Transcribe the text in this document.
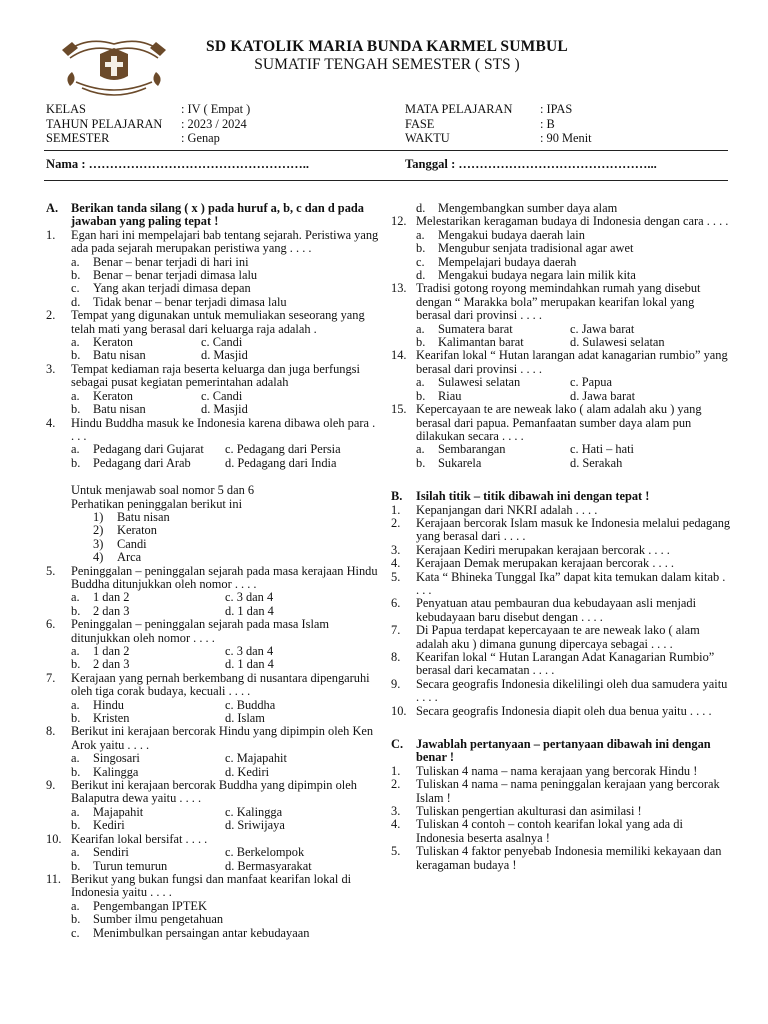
SD KATOLIK MARIA BUNDA KARMEL SUMBUL
SUMATIF TENGAH SEMESTER ( STS )
KELAS	: IV ( Empat )
TAHUN PELAJARAN	: 2023 / 2024
SEMESTER	: Genap
MATA PELAJARAN	: IPAS
FASE	: B
WAKTU	: 90 Menit
Nama : ……………………………………………..	Tanggal : ………………………………………...
A.	Berikan tanda silang ( x ) pada huruf a, b, c dan d pada jawaban yang paling tepat !
1.	Egan hari ini mempelajari bab tentang sejarah. Peristiwa yang ada pada sejarah merupakan peristiwa yang . . . .
a.	Benar – benar terjadi di hari ini
b.	Benar – benar terjadi dimasa lalu
c.	Yang akan terjadi dimasa depan
d.	Tidak benar – benar terjadi dimasa lalu
2.	Tempat yang digunakan untuk memuliakan seseorang yang telah mati yang berasal dari keluarga raja adalah .
a.	Keraton	c. Candi
b.	Batu nisan	d. Masjid
3.	Tempat kediaman raja beserta keluarga dan juga berfungsi sebagai pusat kegiatan pemerintahan adalah
a.	Keraton	c. Candi
b.	Batu nisan	d. Masjid
4.	Hindu Buddha masuk ke Indonesia karena dibawa oleh para . . . .
a.	Pedagang dari Gujarat	c. Pedagang dari Persia
b.	Pedagang dari Arab	d. Pedagang dari India
Untuk menjawab soal nomor 5 dan 6
Perhatikan peninggalan berikut ini
1)	Batu nisan
2)	Keraton
3)	Candi
4)	Arca
5.	Peninggalan – peninggalan sejarah pada masa kerajaan Hindu Buddha ditunjukkan oleh nomor . . . .
a.	1 dan 2	c. 3 dan 4
b.	2 dan 3	d. 1 dan 4
6.	Peninggalan – peninggalan sejarah pada masa Islam ditunjukkan oleh nomor . . . .
a.	1 dan 2	c. 3 dan 4
b.	2 dan 3	d. 1 dan 4
7.	Kerajaan yang pernah berkembang di nusantara dipengaruhi oleh tiga corak budaya, kecuali . . . .
a.	Hindu	c. Buddha
b.	Kristen	d. Islam
8.	Berikut ini kerajaan bercorak Hindu yang dipimpin oleh Ken Arok yaitu . . . .
a.	Singosari	c. Majapahit
b.	Kalingga	d. Kediri
9.	Berikut ini kerajaan bercorak Buddha yang dipimpin oleh Balaputra dewa yaitu . . . .
a.	Majapahit	c. Kalingga
b.	Kediri	d. Sriwijaya
10. Kearifan lokal bersifat . . . .
a.	Sendiri	c. Berkelompok
b.	Turun temurun	d. Bermasyarakat
11. Berikut yang bukan fungsi dan manfaat kearifan lokal di Indonesia yaitu . . . .
a.	Pengembangan IPTEK
b.	Sumber ilmu pengetahuan
c.	Menimbulkan persaingan antar kebudayaan
d.	Mengembangkan sumber daya alam
12. Melestarikan keragaman budaya di Indonesia dengan cara . . . .
a.	Mengakui budaya daerah lain
b.	Mengubur senjata tradisional agar awet
c.	Mempelajari budaya daerah
d.	Mengakui budaya negara lain milik kita
13. Tradisi gotong royong memindahkan rumah yang disebut dengan “ Marakka bola” merupakan kearifan lokal yang berasal dari provinsi . . . .
a.	Sumatera barat	c. Jawa barat
b.	Kalimantan barat	d. Sulawesi selatan
14. Kearifan lokal “ Hutan larangan adat kanagarian rumbio” yang berasal dari provinsi . . . .
a.	Sulawesi selatan	c. Papua
b.	Riau	d. Jawa barat
15. Kepercayaan te are neweak lako ( alam adalah aku ) yang berasal dari papua. Pemanfaatan sumber daya alam pun dilakukan secara . . . .
a.	Sembarangan	c. Hati – hati
b.	Sukarela	d. Serakah
B.	Isilah titik – titik dibawah ini dengan tepat !
1.	Kepanjangan dari NKRI adalah . . . .
2.	Kerajaan bercorak Islam masuk ke Indonesia melalui pedagang yang berasal dari . . . .
3.	Kerajaan Kediri merupakan kerajaan bercorak . . . .
4.	Kerajaan Demak merupakan kerajaan bercorak . . . .
5.	Kata “ Bhineka Tunggal Ika” dapat kita temukan dalam kitab . . . .
6.	Penyatuan atau pembauran dua kebudayaan asli menjadi kebudayaan baru disebut dengan . . . .
7.	Di Papua terdapat kepercayaan te are neweak lako ( alam adalah aku ) dimana gunung dipercaya sebagai . . . .
8.	Kearifan lokal “ Hutan Larangan Adat Kanagarian Rumbio” berasal dari kecamatan . . . .
9.	Secara geografis Indonesia dikelilingi oleh dua samudera yaitu . . . .
10. Secara geografis Indonesia diapit oleh dua benua yaitu . . . .
C.	Jawablah pertanyaan – pertanyaan dibawah ini dengan benar !
1.	Tuliskan 4 nama – nama kerajaan yang bercorak Hindu !
2.	Tuliskan 4 nama – nama peninggalan kerajaan yang bercorak Islam !
3.	Tuliskan pengertian akulturasi dan asimilasi !
4.	Tuliskan 4 contoh – contoh kearifan lokal yang ada di Indonesia beserta asalnya !
5.	Tuliskan 4 faktor penyebab Indonesia memiliki kekayaan dan keragaman budaya !
